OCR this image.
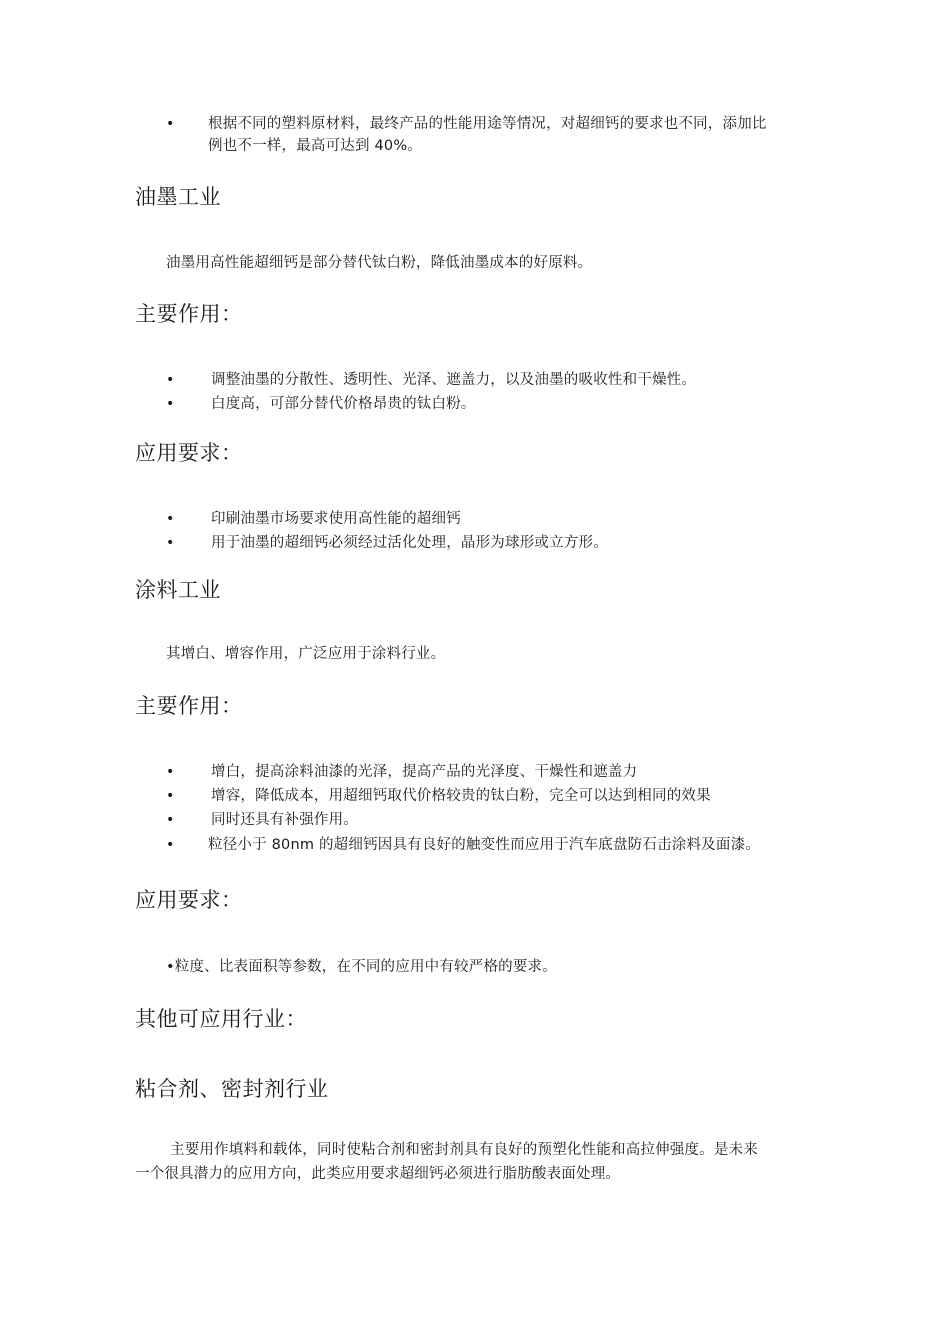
• 根据不同的塑料原材料，最终产品的性能用途等情况，对超细钙的要求也不同，添加比
例也不一样，最高可达到 40%。
油墨工业
油墨用高性能超细钙是部分替代钛白粉，降低油墨成本的好原料。
主要作用：
•	调整油墨的分散性、透明性、光泽、遮盖力，以及油墨的吸收性和干燥性。
•	白度高，可部分替代价格昂贵的钛白粉。
应用要求：
•	印刷油墨市场要求使用高性能的超细钙
•	用于油墨的超细钙必须经过活化处理，晶形为球形或立方形。
涂料工业
其增白、增容作用，广泛应用于涂料行业。
主要作用：
•	增白，提高涂料油漆的光泽，提高产品的光泽度、干燥性和遮盖力
•	增容，降低成本，用超细钙取代价格较贵的钛白粉，完全可以达到相同的效果
•	同时还具有补强作用。
• 粒径小于 80nm 的超细钙因具有良好的触变性而应用于汽车底盘防石击涂料及面漆。
应用要求：
•粒度、比表面积等参数，在不同的应用中有较严格的要求。
其他可应用行业：
粘合剂、密封剂行业
主要用作填料和载体，同时使粘合剂和密封剂具有良好的预塑化性能和高拉伸强度。是未来
一个很具潜力的应用方向，此类应用要求超细钙必须进行脂肪酸表面处理。
